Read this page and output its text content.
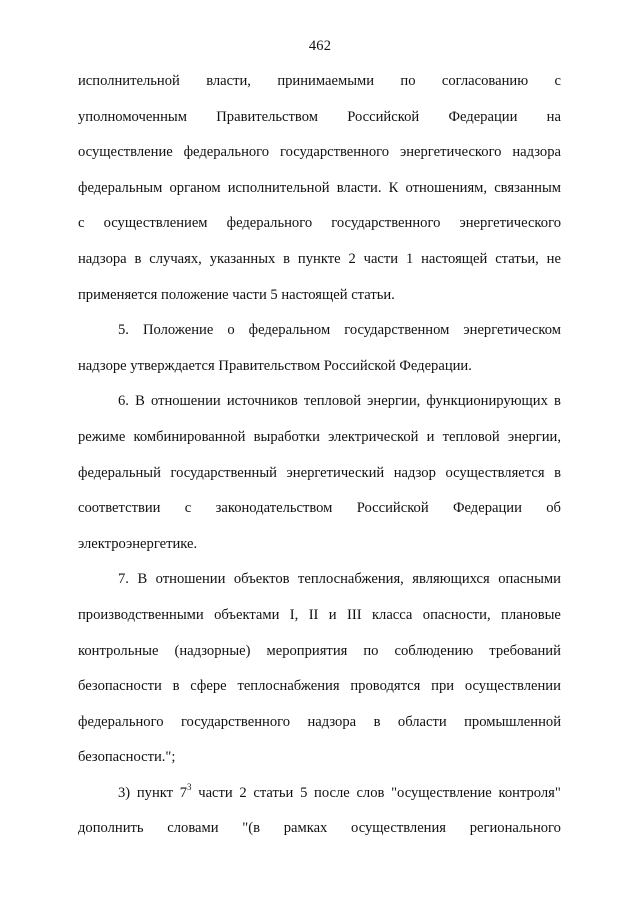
462
исполнительной власти, принимаемыми по согласованию с
уполномоченным Правительством Российской Федерации на
осуществление федерального государственного энергетического надзора
федеральным органом исполнительной власти. К отношениям, связанным
с осуществлением федерального государственного энергетического
надзора в случаях, указанных в пункте 2 части 1 настоящей статьи, не
применяется положение части 5 настоящей статьи.
5. Положение о федеральном государственном энергетическом
надзоре утверждается Правительством Российской Федерации.
6. В отношении источников тепловой энергии, функционирующих в
режиме комбинированной выработки электрической и тепловой энергии,
федеральный государственный энергетический надзор осуществляется в
соответствии с законодательством Российской Федерации об
электроэнергетике.
7. В отношении объектов теплоснабжения, являющихся опасными
производственными объектами I, II и III класса опасности, плановые
контрольные (надзорные) мероприятия по соблюдению требований
безопасности в сфере теплоснабжения проводятся при осуществлении
федерального государственного надзора в области промышленной
безопасности.";
3) пункт $7^3$ части 2 статьи 5 после слов "осуществление контроля"
дополнить словами "(в рамках осуществления регионального
